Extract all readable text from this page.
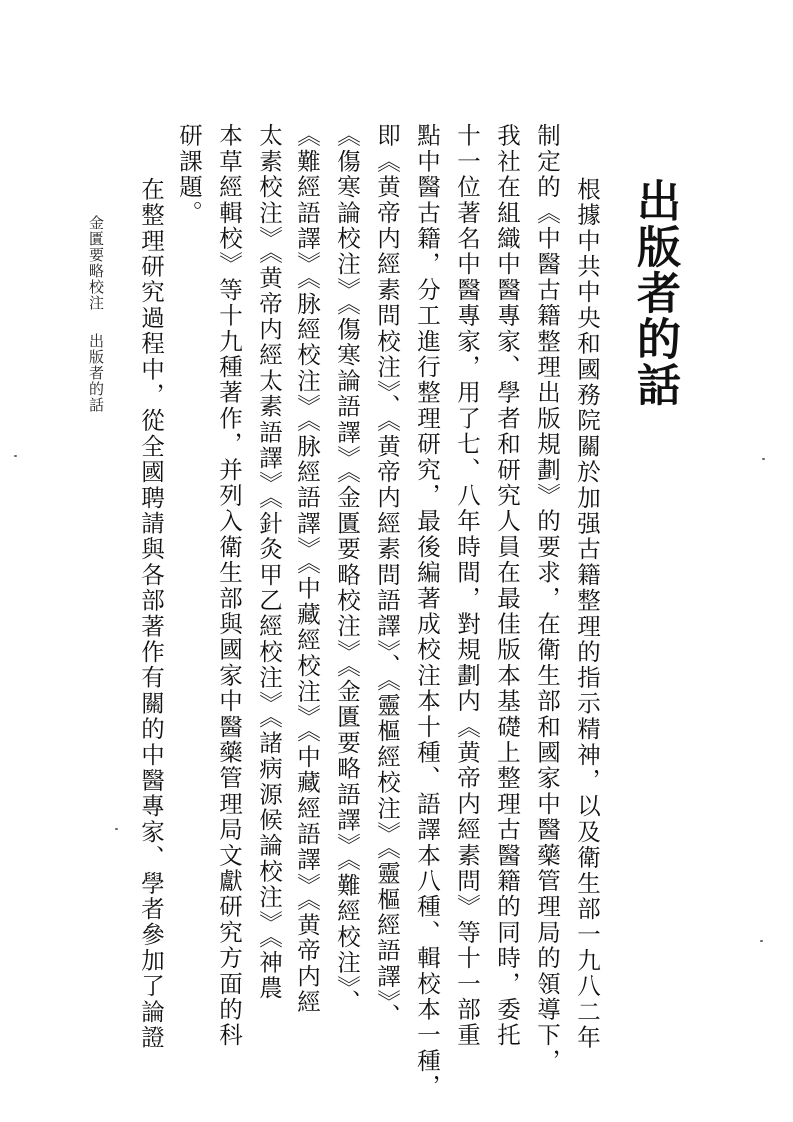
出版者的話
　根據中共中央和國務院關於加强古籍整理的指示精神，以及衛生部一九八二年
制定的《中醫古籍整理出版規劃》的要求，在衛生部和國家中醫藥管理局的領導下，
我社在組織中醫專家、學者和研究人員在最佳版本基礎上整理古醫籍的同時，委托
十一位著名中醫專家，用了七、八年時間，對規劃内《黄帝内經素問》等十一部重
點中醫古籍，分工進行整理研究，最後編著成校注本十種、語譯本八種、輯校本一種，
即《黄帝内經素問校注》、《黄帝内經素問語譯》、《靈樞經校注》《靈樞經語譯》、
《傷寒論校注》《傷寒論語譯》《金匱要略校注》《金匱要略語譯》《難經校注》、
《難經語譯》《脉經校注》《脉經語譯》《中藏經校注》《中藏經語譯》《黄帝内經
太素校注》《黄帝内經太素語譯》《針灸甲乙經校注》《諸病源候論校注》《神農
本草經輯校》等十九種著作，并列入衛生部與國家中醫藥管理局文獻研究方面的科
研課題。
　在整理研究過程中，從全國聘請與各部著作有關的中醫專家、學者參加了論證
金匱要略校注出版者的話
